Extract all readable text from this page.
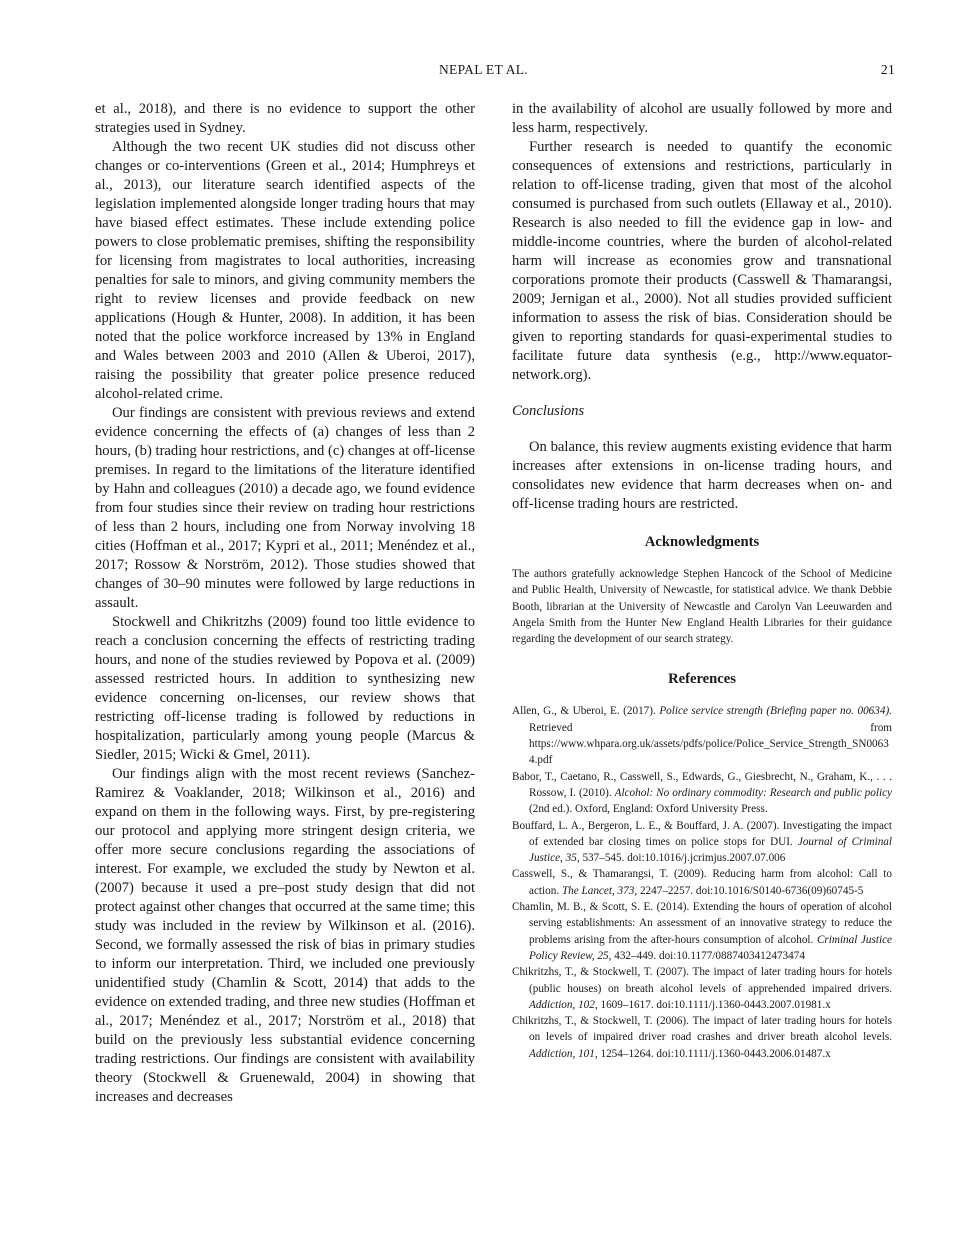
NEPAL ET AL.	21

et al., 2018), and there is no evidence to support the other strategies used in Sydney.

Although the two recent UK studies did not discuss other changes or co-interventions (Green et al., 2014; Humphreys et al., 2013), our literature search identified aspects of the legislation implemented alongside longer trading hours that may have biased effect estimates. These include extending police powers to close problematic premises, shifting the responsibility for licensing from magistrates to local authorities, increasing penalties for sale to minors, and giving community members the right to review licenses and provide feedback on new applications (Hough & Hunter, 2008). In addition, it has been noted that the police workforce increased by 13% in England and Wales between 2003 and 2010 (Allen & Uberoi, 2017), raising the possibility that greater police presence reduced alcohol-related crime.

Our findings are consistent with previous reviews and extend evidence concerning the effects of (a) changes of less than 2 hours, (b) trading hour restrictions, and (c) changes at off-license premises. In regard to the limitations of the literature identified by Hahn and colleagues (2010) a decade ago, we found evidence from four studies since their review on trading hour restrictions of less than 2 hours, including one from Norway involving 18 cities (Hoffman et al., 2017; Kypri et al., 2011; Menéndez et al., 2017; Rossow & Norström, 2012). Those studies showed that changes of 30–90 minutes were followed by large reductions in assault.

Stockwell and Chikritzhs (2009) found too little evidence to reach a conclusion concerning the effects of restricting trading hours, and none of the studies reviewed by Popova et al. (2009) assessed restricted hours. In addition to synthesizing new evidence concerning on-licenses, our review shows that restricting off-license trading is followed by reductions in hospitalization, particularly among young people (Marcus & Siedler, 2015; Wicki & Gmel, 2011).

Our findings align with the most recent reviews (Sanchez-Ramirez & Voaklander, 2018; Wilkinson et al., 2016) and expand on them in the following ways. First, by pre-registering our protocol and applying more stringent design criteria, we offer more secure conclusions regarding the associations of interest. For example, we excluded the study by Newton et al. (2007) because it used a pre–post study design that did not protect against other changes that occurred at the same time; this study was included in the review by Wilkinson et al. (2016). Second, we formally assessed the risk of bias in primary studies to inform our interpretation. Third, we included one previously unidentified study (Chamlin & Scott, 2014) that adds to the evidence on extended trading, and three new studies (Hoffman et al., 2017; Menéndez et al., 2017; Norström et al., 2018) that build on the previously less substantial evidence concerning trading restrictions. Our findings are consistent with availability theory (Stockwell & Gruenewald, 2004) in showing that increases and decreases

in the availability of alcohol are usually followed by more and less harm, respectively.

Further research is needed to quantify the economic consequences of extensions and restrictions, particularly in relation to off-license trading, given that most of the alcohol consumed is purchased from such outlets (Ellaway et al., 2010). Research is also needed to fill the evidence gap in low- and middle-income countries, where the burden of alcohol-related harm will increase as economies grow and transnational corporations promote their products (Casswell & Thamarangsi, 2009; Jernigan et al., 2000). Not all studies provided sufficient information to assess the risk of bias. Consideration should be given to reporting standards for quasi-experimental studies to facilitate future data synthesis (e.g., http://www.equator-network.org).

Conclusions

On balance, this review augments existing evidence that harm increases after extensions in on-license trading hours, and consolidates new evidence that harm decreases when on- and off-license trading hours are restricted.

Acknowledgments

The authors gratefully acknowledge Stephen Hancock of the School of Medicine and Public Health, University of Newcastle, for statistical advice. We thank Debbie Booth, librarian at the University of Newcastle and Carolyn Van Leeuwarden and Angela Smith from the Hunter New England Health Libraries for their guidance regarding the development of our search strategy.

References
Allen, G., & Uberoi, E. (2017). Police service strength (Briefing paper no. 00634). Retrieved from https://www.whpara.org.uk/assets/pdfs/police/Police_Service_Strength_SN00634.pdf
Babor, T., Caetano, R., Casswell, S., Edwards, G., Giesbrecht, N., Graham, K., . . . Rossow, I. (2010). Alcohol: No ordinary commodity: Research and public policy (2nd ed.). Oxford, England: Oxford University Press.
Bouffard, L. A., Bergeron, L. E., & Bouffard, J. A. (2007). Investigating the impact of extended bar closing times on police stops for DUI. Journal of Criminal Justice, 35, 537–545. doi:10.1016/j.jcrimjus.2007.07.006
Casswell, S., & Thamarangsi, T. (2009). Reducing harm from alcohol: Call to action. The Lancet, 373, 2247–2257. doi:10.1016/S0140-6736(09)60745-5
Chamlin, M. B., & Scott, S. E. (2014). Extending the hours of operation of alcohol serving establishments: An assessment of an innovative strategy to reduce the problems arising from the after-hours consumption of alcohol. Criminal Justice Policy Review, 25, 432–449. doi:10.1177/0887403412473474
Chikritzhs, T., & Stockwell, T. (2007). The impact of later trading hours for hotels (public houses) on breath alcohol levels of apprehended impaired drivers. Addiction, 102, 1609–1617. doi:10.1111/j.1360-0443.2007.01981.x
Chikritzhs, T., & Stockwell, T. (2006). The impact of later trading hours for hotels on levels of impaired driver road crashes and driver breath alcohol levels. Addiction, 101, 1254–1264. doi:10.1111/j.1360-0443.2006.01487.x
